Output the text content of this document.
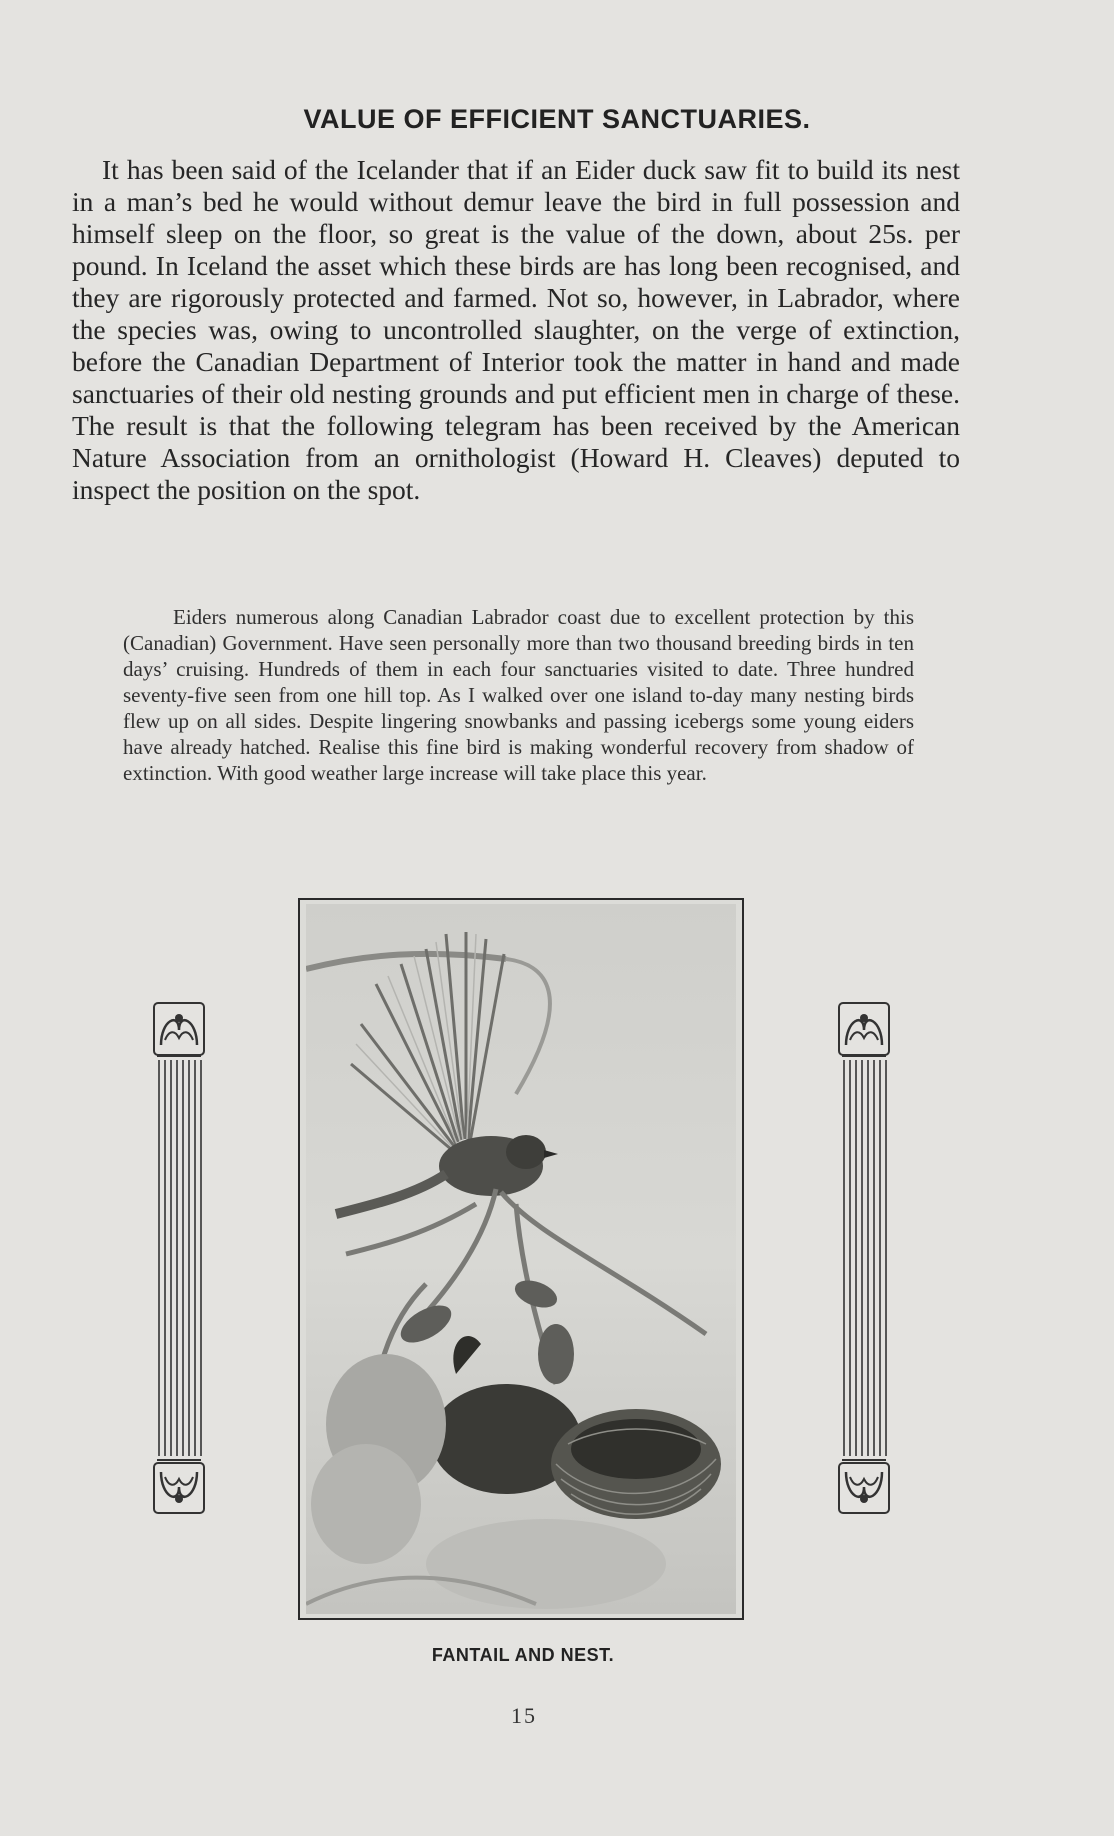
VALUE OF EFFICIENT SANCTUARIES.

It has been said of the Icelander that if an Eider duck saw fit to build its nest in a man’s bed he would without demur leave the bird in full possession and himself sleep on the floor, so great is the value of the down, about 25s. per pound. In Iceland the asset which these birds are has long been recognised, and they are rigorously protected and farmed. Not so, however, in Labrador, where the species was, owing to uncontrolled slaughter, on the verge of extinction, before the Canadian Department of Interior took the matter in hand and made sanctuaries of their old nesting grounds and put efficient men in charge of these. The result is that the following telegram has been received by the American Nature Association from an ornithologist (Howard H. Cleaves) deputed to inspect the position on the spot.

Eiders numerous along Canadian Labrador coast due to excellent protection by this (Canadian) Government. Have seen personally more than two thousand breeding birds in ten days’ cruising. Hundreds of them in each four sanctuaries visited to date. Three hundred seventy-five seen from one hill top. As I walked over one island to-day many nesting birds flew up on all sides. Despite lingering snowbanks and passing icebergs some young eiders have already hatched. Realise this fine bird is making wonderful recovery from shadow of extinction. With good weather large increase will take place this year.

FANTAIL AND NEST.
15
